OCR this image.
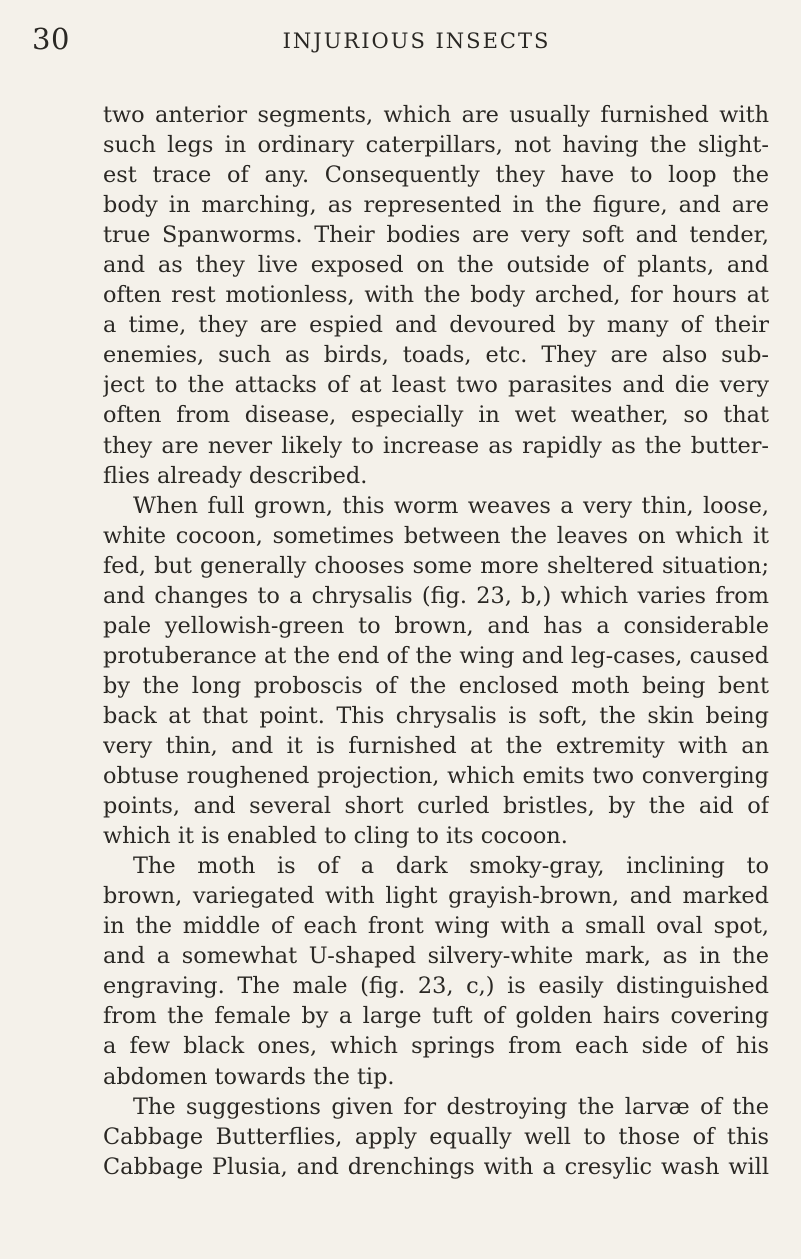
30	INJURIOUS INSECTS
two anterior segments, which are usually furnished with
such legs in ordinary caterpillars, not having the slight-
est trace of any. Consequently they have to loop the
body in marching, as represented in the figure, and are
true Spanworms. Their bodies are very soft and tender,
and as they live exposed on the outside of plants, and
often rest motionless, with the body arched, for hours at
a time, they are espied and devoured by many of their
enemies, such as birds, toads, etc. They are also sub-
ject to the attacks of at least two parasites and die very
often from disease, especially in wet weather, so that
they are never likely to increase as rapidly as the butter-
flies already described.
When full grown, this worm weaves a very thin, loose,
white cocoon, sometimes between the leaves on which it
fed, but generally chooses some more sheltered situation;
and changes to a chrysalis (fig. 23, b,) which varies from
pale yellowish-green to brown, and has a considerable
protuberance at the end of the wing and leg-cases, caused
by the long proboscis of the enclosed moth being bent
back at that point. This chrysalis is soft, the skin being
very thin, and it is furnished at the extremity with an
obtuse roughened projection, which emits two converging
points, and several short curled bristles, by the aid of
which it is enabled to cling to its cocoon.
The moth is of a dark smoky-gray, inclining to
brown, variegated with light grayish-brown, and marked
in the middle of each front wing with a small oval spot,
and a somewhat U-shaped silvery-white mark, as in the
engraving. The male (fig. 23, c,) is easily distinguished
from the female by a large tuft of golden hairs covering
a few black ones, which springs from each side of his
abdomen towards the tip.
The suggestions given for destroying the larvæ of the
Cabbage Butterflies, apply equally well to those of this
Cabbage Plusia, and drenchings with a cresylic wash will
